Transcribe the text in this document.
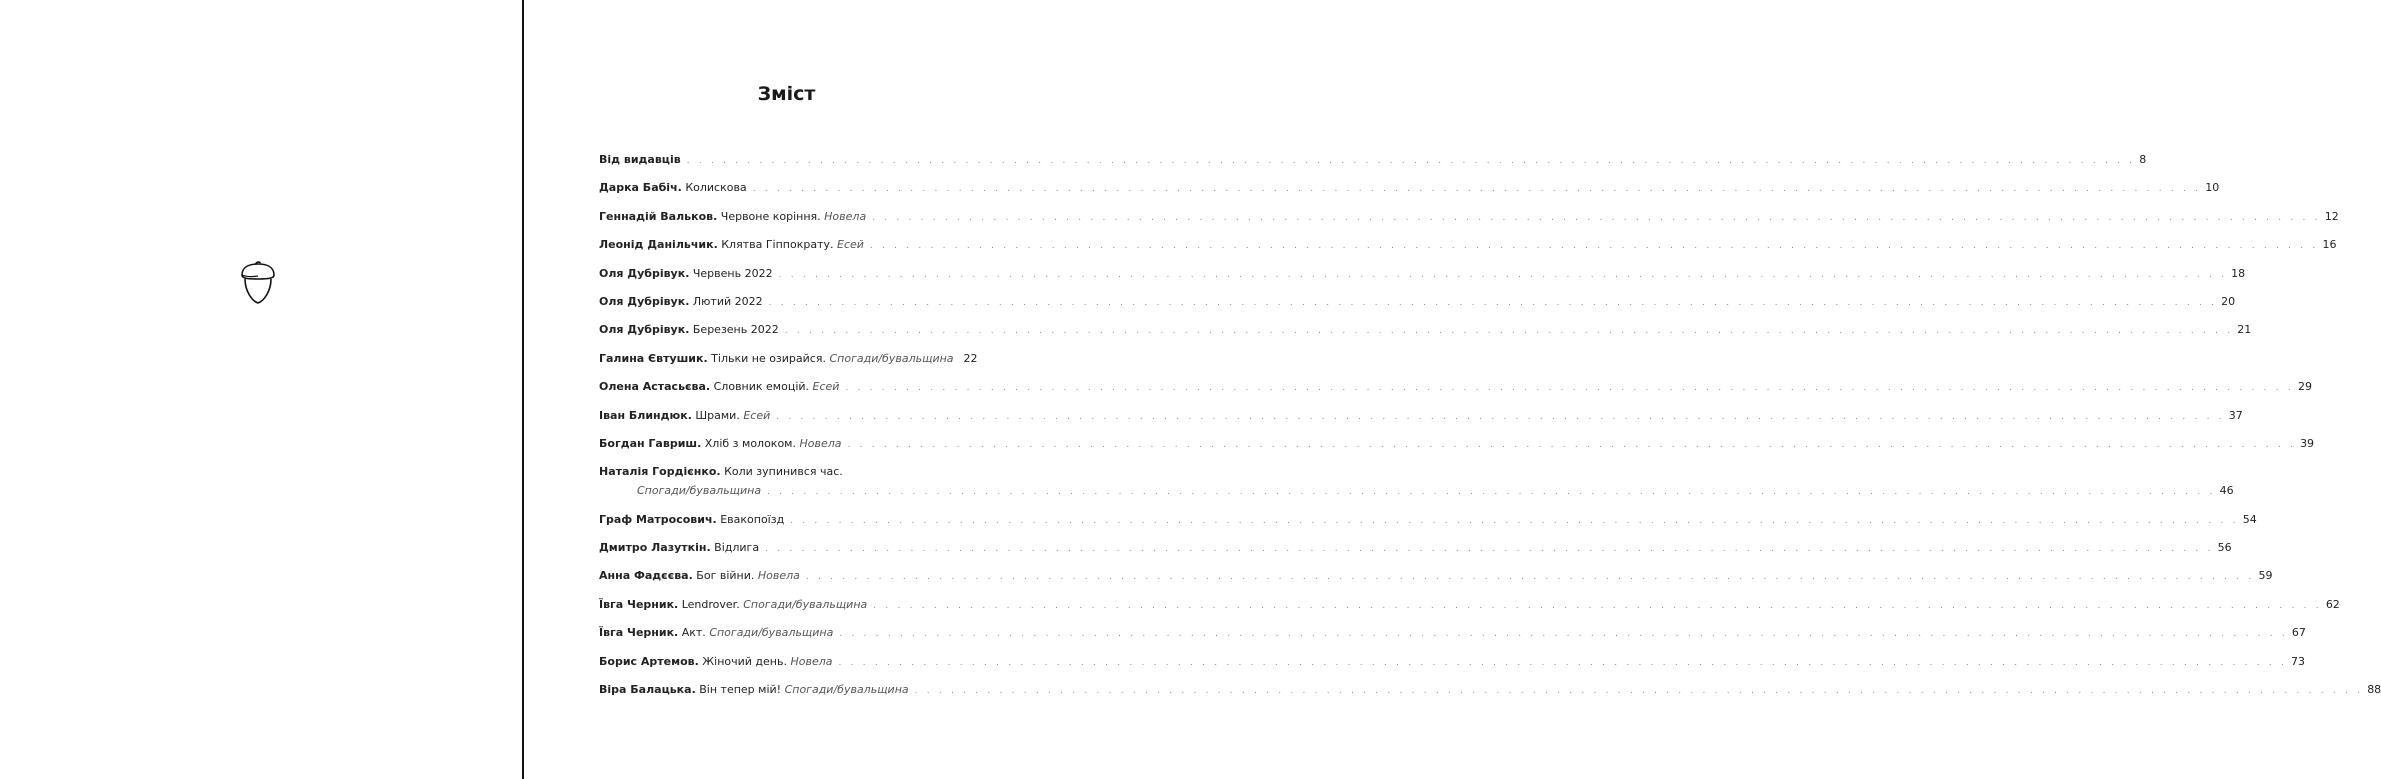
Зміст
Від видавців . . . . . . . . . . . . . . . . . . . . . . . . . . . . . . . . . . . . . . . . . . . . . . . . . . . . . . . . . . . . . . . . . . . . . . . . . . . . . . . . . . . . . . . . . . . . . . . . . . . . . . . . . . . . . . . . . . . . . . . . 8
Дарка Бабіч. Колискова . . . . . . . . . . . . . . . . . . . . . . . . . . . . . . . . . . . . . . . . . . . . . . . . . . . . . . . . . . . . . . . . . . . . . . . . . . . . . . . . . . . . . . . . . . . . . . . . . . . . . . . . . . . . . . . . . . . . . . . . 10
Геннадій Вальков. Червоне коріння. Новела . . . . . . . . . . . . . . . . . . . . . . . . . . . . . . . . . . . . . . . . . . . . . . . . . . . . . . . . . . . . . . . . . . . . . . . . . . . . . . . . . . . . . . . . . . . . . . . . . . . . . . . . . . . . . . . . . . . . . . . . 12
Леонід Данільчик. Клятва Гіппократу. Есей . . . . . . . . . . . . . . . . . . . . . . . . . . . . . . . . . . . . . . . . . . . . . . . . . . . . . . . . . . . . . . . . . . . . . . . . . . . . . . . . . . . . . . . . . . . . . . . . . . . . . . . . . . . . . . . . . . . . . . . . 16
Оля Дубрівук. Червень 2022 . . . . . . . . . . . . . . . . . . . . . . . . . . . . . . . . . . . . . . . . . . . . . . . . . . . . . . . . . . . . . . . . . . . . . . . . . . . . . . . . . . . . . . . . . . . . . . . . . . . . . . . . . . . . . . . . . . . . . . . . 18
Оля Дубрівук. Лютий 2022 . . . . . . . . . . . . . . . . . . . . . . . . . . . . . . . . . . . . . . . . . . . . . . . . . . . . . . . . . . . . . . . . . . . . . . . . . . . . . . . . . . . . . . . . . . . . . . . . . . . . . . . . . . . . . . . . . . . . . . . . 20
Оля Дубрівук. Березень 2022 . . . . . . . . . . . . . . . . . . . . . . . . . . . . . . . . . . . . . . . . . . . . . . . . . . . . . . . . . . . . . . . . . . . . . . . . . . . . . . . . . . . . . . . . . . . . . . . . . . . . . . . . . . . . . . . . . . . . . . . . 21
Галина Євтушик. Тільки не озирайся. Спогади/бувальщина 22
Олена Астасьєва. Словник емоцій. Есей . . . . . . . . . . . . . . . . . . . . . . . . . . . . . . . . . . . . . . . . . . . . . . . . . . . . . . . . . . . . . . . . . . . . . . . . . . . . . . . . . . . . . . . . . . . . . . . . . . . . . . . . . . . . . . . . . . . . . . . . 29
Іван Блиндюк. Шрами. Есей . . . . . . . . . . . . . . . . . . . . . . . . . . . . . . . . . . . . . . . . . . . . . . . . . . . . . . . . . . . . . . . . . . . . . . . . . . . . . . . . . . . . . . . . . . . . . . . . . . . . . . . . . . . . . . . . . . . . . . . . 37
Богдан Гавриш. Хліб з молоком. Новела . . . . . . . . . . . . . . . . . . . . . . . . . . . . . . . . . . . . . . . . . . . . . . . . . . . . . . . . . . . . . . . . . . . . . . . . . . . . . . . . . . . . . . . . . . . . . . . . . . . . . . . . . . . . . . . . . . . . . . . . 39
Наталія Гордієнко. Коли зупинився час.
Спогади/бувальщина . . . . . . . . . . . . . . . . . . . . . . . . . . . . . . . . . . . . . . . . . . . . . . . . . . . . . . . . . . . . . . . . . . . . . . . . . . . . . . . . . . . . . . . . . . . . . . . . . . . . . . . . . . . . . . . . . . . . . . . . 46
Граф Матросович. Евакопоїзд . . . . . . . . . . . . . . . . . . . . . . . . . . . . . . . . . . . . . . . . . . . . . . . . . . . . . . . . . . . . . . . . . . . . . . . . . . . . . . . . . . . . . . . . . . . . . . . . . . . . . . . . . . . . . . . . . . . . . . . . 54
Дмитро Лазуткін. Відлига . . . . . . . . . . . . . . . . . . . . . . . . . . . . . . . . . . . . . . . . . . . . . . . . . . . . . . . . . . . . . . . . . . . . . . . . . . . . . . . . . . . . . . . . . . . . . . . . . . . . . . . . . . . . . . . . . . . . . . . . 56
Анна Фадєєва. Бог війни. Новела . . . . . . . . . . . . . . . . . . . . . . . . . . . . . . . . . . . . . . . . . . . . . . . . . . . . . . . . . . . . . . . . . . . . . . . . . . . . . . . . . . . . . . . . . . . . . . . . . . . . . . . . . . . . . . . . . . . . . . . . 59
Ївга Черник. Lendrover. Спогади/бувальщина . . . . . . . . . . . . . . . . . . . . . . . . . . . . . . . . . . . . . . . . . . . . . . . . . . . . . . . . . . . . . . . . . . . . . . . . . . . . . . . . . . . . . . . . . . . . . . . . . . . . . . . . . . . . . . . . . . . . . . . . 62
Ївга Черник. Акт. Спогади/бувальщина . . . . . . . . . . . . . . . . . . . . . . . . . . . . . . . . . . . . . . . . . . . . . . . . . . . . . . . . . . . . . . . . . . . . . . . . . . . . . . . . . . . . . . . . . . . . . . . . . . . . . . . . . . . . . . . . . . . . . . . . 67
Борис Артемов. Жіночий день. Новела . . . . . . . . . . . . . . . . . . . . . . . . . . . . . . . . . . . . . . . . . . . . . . . . . . . . . . . . . . . . . . . . . . . . . . . . . . . . . . . . . . . . . . . . . . . . . . . . . . . . . . . . . . . . . . . . . . . . . . . . 73
Віра Балацька. Він тепер мій! Спогади/бувальщина . . . . . . . . . . . . . . . . . . . . . . . . . . . . . . . . . . . . . . . . . . . . . . . . . . . . . . . . . . . . . . . . . . . . . . . . . . . . . . . . . . . . . . . . . . . . . . . . . . . . . . . . . . . . . . . . . . . . . . . . 88
